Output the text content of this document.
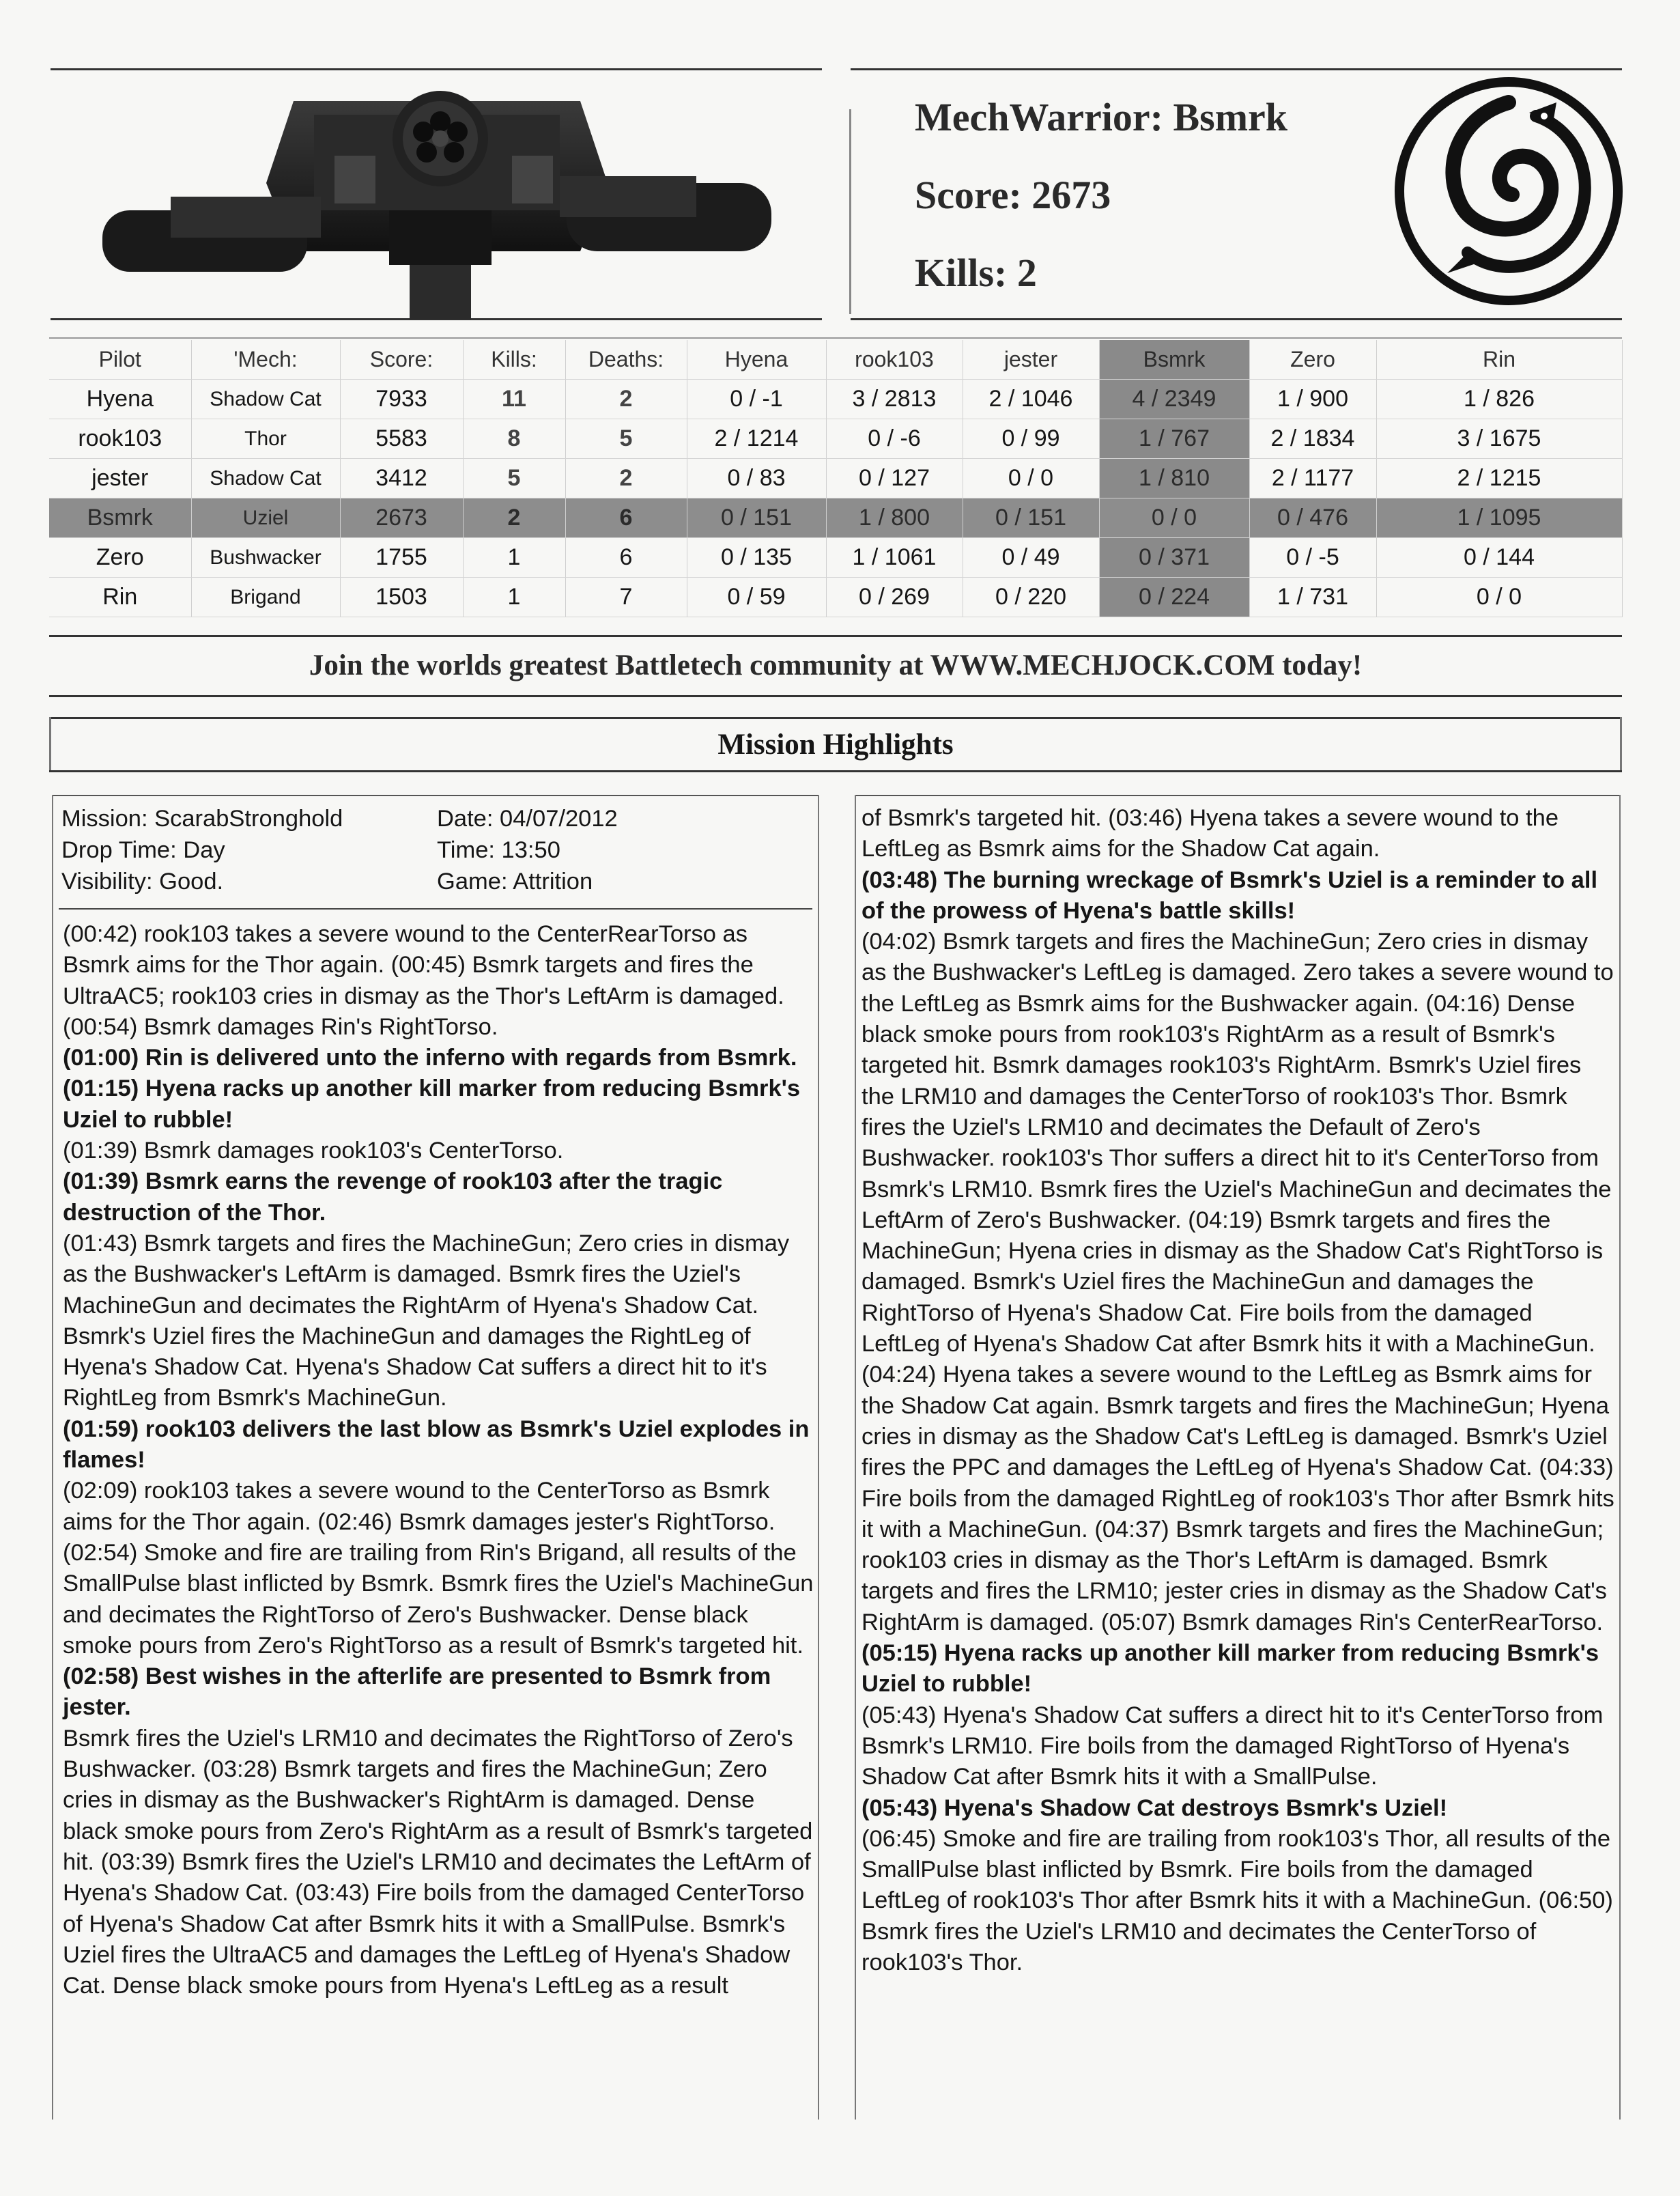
MechWarrior: Bsmrk
Score: 2673
Kills: 2
Pilot	'Mech:	Score:	Kills:	Deaths:	Hyena	rook103	jester	Bsmrk	Zero	Rin
Hyena	Shadow Cat	7933	11	2	0 / -1	3 / 2813	2 / 1046	4 / 2349	1 / 900	1 / 826
rook103	Thor	5583	8	5	2 / 1214	0 / -6	0 / 99	1 / 767	2 / 1834	3 / 1675
jester	Shadow Cat	3412	5	2	0 / 83	0 / 127	0 / 0	1 / 810	2 / 1177	2 / 1215
Bsmrk	Uziel	2673	2	6	0 / 151	1 / 800	0 / 151	0 / 0	0 / 476	1 / 1095
Zero	Bushwacker	1755	1	6	0 / 135	1 / 1061	0 / 49	0 / 371	0 / -5	0 / 144
Rin	Brigand	1503	1	7	0 / 59	0 / 269	0 / 220	0 / 224	1 / 731	0 / 0
Join the worlds greatest Battletech community at WWW.MECHJOCK.COM today!
Mission Highlights
Mission: ScarabStronghold
Drop Time: Day
Visibility: Good.
Date: 04/07/2012
Time: 13:50
Game: Attrition

(00:42) rook103 takes a severe wound to the CenterRearTorso as Bsmrk aims for the Thor again. (00:45) Bsmrk targets and fires the UltraAC5; rook103 cries in dismay as the Thor's LeftArm is damaged. (00:54) Bsmrk damages Rin's RightTorso.

(01:00) Rin is delivered unto the inferno with regards from Bsmrk.

(01:15) Hyena racks up another kill marker from reducing Bsmrk's Uziel to rubble!

(01:39) Bsmrk damages rook103's CenterTorso.

(01:39) Bsmrk earns the revenge of rook103 after the tragic destruction of the Thor.

(01:43) Bsmrk targets and fires the MachineGun; Zero cries in dismay as the Bushwacker's LeftArm is damaged. Bsmrk fires the Uziel's MachineGun and decimates the RightArm of Hyena's Shadow Cat. Bsmrk's Uziel fires the MachineGun and damages the RightLeg of Hyena's Shadow Cat. Hyena's Shadow Cat suffers a direct hit to it's RightLeg from Bsmrk's MachineGun.

(01:59) rook103 delivers the last blow as Bsmrk's Uziel explodes in flames!

(02:09) rook103 takes a severe wound to the CenterTorso as Bsmrk aims for the Thor again. (02:46) Bsmrk damages jester's RightTorso. (02:54) Smoke and fire are trailing from Rin's Brigand, all results of the SmallPulse blast inflicted by Bsmrk. Bsmrk fires the Uziel's MachineGun and decimates the RightTorso of Zero's Bushwacker. Dense black smoke pours from Zero's RightTorso as a result of Bsmrk's targeted hit.

(02:58) Best wishes in the afterlife are presented to Bsmrk from jester.

Bsmrk fires the Uziel's LRM10 and decimates the RightTorso of Zero's Bushwacker. (03:28) Bsmrk targets and fires the MachineGun; Zero cries in dismay as the Bushwacker's RightArm is damaged. Dense black smoke pours from Zero's RightArm as a result of Bsmrk's targeted hit. (03:39) Bsmrk fires the Uziel's LRM10 and decimates the LeftArm of Hyena's Shadow Cat. (03:43) Fire boils from the damaged CenterTorso of Hyena's Shadow Cat after Bsmrk hits it with a SmallPulse. Bsmrk's Uziel fires the UltraAC5 and damages the LeftLeg of Hyena's Shadow Cat. Dense black smoke pours from Hyena's LeftLeg as a result

of Bsmrk's targeted hit. (03:46) Hyena takes a severe wound to the LeftLeg as Bsmrk aims for the Shadow Cat again.

(03:48) The burning wreckage of Bsmrk's Uziel is a reminder to all of the prowess of Hyena's battle skills!

(04:02) Bsmrk targets and fires the MachineGun; Zero cries in dismay as the Bushwacker's LeftLeg is damaged. Zero takes a severe wound to the LeftLeg as Bsmrk aims for the Bushwacker again. (04:16) Dense black smoke pours from rook103's RightArm as a result of Bsmrk's targeted hit. Bsmrk damages rook103's RightArm. Bsmrk's Uziel fires the LRM10 and damages the CenterTorso of rook103's Thor. Bsmrk fires the Uziel's LRM10 and decimates the Default of Zero's Bushwacker. rook103's Thor suffers a direct hit to it's CenterTorso from Bsmrk's LRM10. Bsmrk fires the Uziel's MachineGun and decimates the LeftArm of Zero's Bushwacker. (04:19) Bsmrk targets and fires the MachineGun; Hyena cries in dismay as the Shadow Cat's RightTorso is damaged. Bsmrk's Uziel fires the MachineGun and damages the RightTorso of Hyena's Shadow Cat. Fire boils from the damaged LeftLeg of Hyena's Shadow Cat after Bsmrk hits it with a MachineGun. (04:24) Hyena takes a severe wound to the LeftLeg as Bsmrk aims for the Shadow Cat again. Bsmrk targets and fires the MachineGun; Hyena cries in dismay as the Shadow Cat's LeftLeg is damaged. Bsmrk's Uziel fires the PPC and damages the LeftLeg of Hyena's Shadow Cat. (04:33) Fire boils from the damaged RightLeg of rook103's Thor after Bsmrk hits it with a MachineGun. (04:37) Bsmrk targets and fires the MachineGun; rook103 cries in dismay as the Thor's LeftArm is damaged. Bsmrk targets and fires the LRM10; jester cries in dismay as the Shadow Cat's RightArm is damaged. (05:07) Bsmrk damages Rin's CenterRearTorso.

(05:15) Hyena racks up another kill marker from reducing Bsmrk's Uziel to rubble!

(05:43) Hyena's Shadow Cat suffers a direct hit to it's CenterTorso from Bsmrk's LRM10. Fire boils from the damaged RightTorso of Hyena's Shadow Cat after Bsmrk hits it with a SmallPulse.

(05:43) Hyena's Shadow Cat destroys Bsmrk's Uziel!

(06:45) Smoke and fire are trailing from rook103's Thor, all results of the SmallPulse blast inflicted by Bsmrk. Fire boils from the damaged LeftLeg of rook103's Thor after Bsmrk hits it with a MachineGun. (06:50) Bsmrk fires the Uziel's LRM10 and decimates the CenterTorso of rook103's Thor.
